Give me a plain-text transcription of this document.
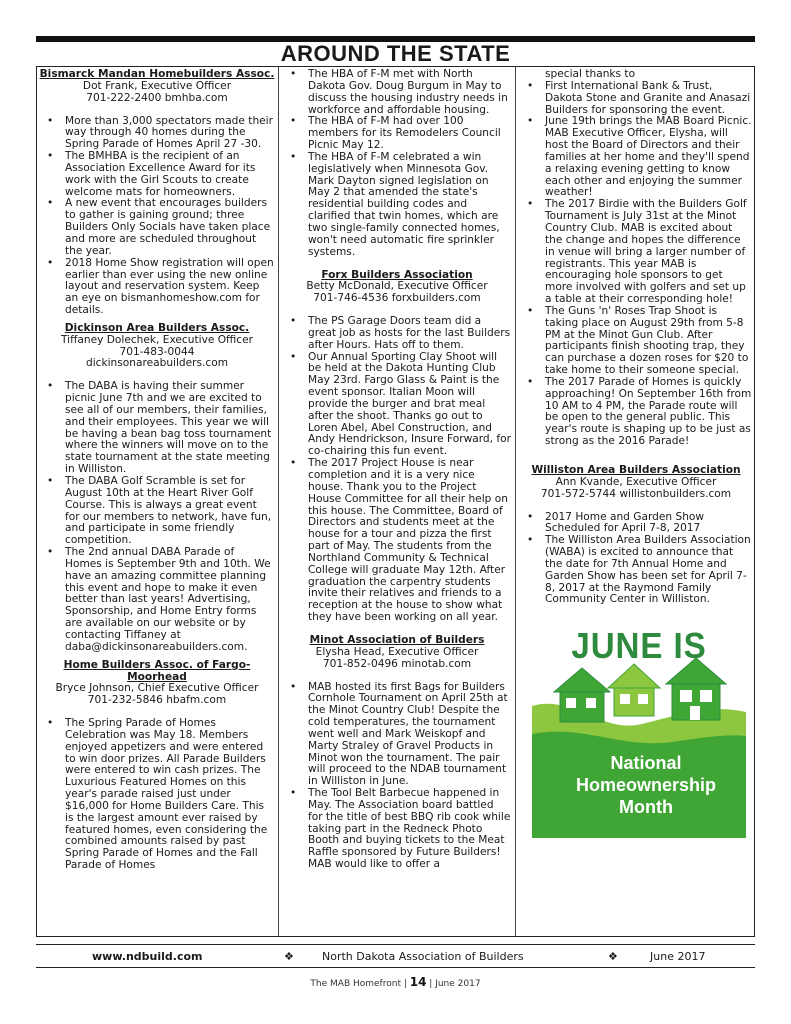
AROUND THE STATE
Bismarck Mandan Homebuilders Assoc.
Dot Frank, Executive Officer
701-222-2400 bmhba.com
• More than 3,000 spectators made their way through 40 homes during the Spring Parade of Homes April 27 -30.
• The BMHBA is the recipient of an Association Excellence Award for its work with the Girl Scouts to create welcome mats for homeowners.
• A new event that encourages builders to gather is gaining ground; three Builders Only Socials have taken place and more are scheduled throughout the year.
• 2018 Home Show registration will open earlier than ever using the new online layout and reservation system. Keep an eye on bismanhomeshow.com for details.
Dickinson Area Builders Assoc.
Tiffaney Dolechek, Executive Officer
701-483-0044
dickinsonareabuilders.com
• The DABA is having their summer picnic June 7th and we are excited to see all of our members, their families, and their employees. This year we will be having a bean bag toss tournament where the winners will move on to the state tournament at the state meeting in Williston.
• The DABA Golf Scramble is set for August 10th at the Heart River Golf Course. This is always a great event for our members to network, have fun, and participate in some friendly competition.
• The 2nd annual DABA Parade of Homes is September 9th and 10th. We have an amazing committee planning this event and hope to make it even better than last years! Advertising, Sponsorship, and Home Entry forms are available on our website or by contacting Tiffaney at daba@dickinsonareabuilders.com.
Home Builders Assoc. of Fargo-Moorhead
Bryce Johnson, Chief Executive Officer
701-232-5846 hbafm.com
• The Spring Parade of Homes Celebration was May 18. Members enjoyed appetizers and were entered to win door prizes. All Parade Builders were entered to win cash prizes. The Luxurious Featured Homes on this year's parade raised just under $16,000 for Home Builders Care. This is the largest amount ever raised by featured homes, even considering the combined amounts raised by past Spring Parade of Homes and the Fall Parade of Homes
• The HBA of F-M met with North Dakota Gov. Doug Burgum in May to discuss the housing industry needs in workforce and affordable housing.
• The HBA of F-M had over 100 members for its Remodelers Council Picnic May 12.
• The HBA of F-M celebrated a win legislatively when Minnesota Gov. Mark Dayton signed legislation on May 2 that amended the state's residential building codes and clarified that twin homes, which are two single-family connected homes, won't need automatic fire sprinkler systems.
Forx Builders Association
Betty McDonald, Executive Officer
701-746-4536 forxbuilders.com
• The PS Garage Doors team did a great job as hosts for the last Builders after Hours. Hats off to them.
• Our Annual Sporting Clay Shoot will be held at the Dakota Hunting Club May 23rd. Fargo Glass & Paint is the event sponsor. Italian Moon will provide the burger and brat meal after the shoot. Thanks go out to Loren Abel, Abel Construction, and Andy Hendrickson, Insure Forward, for co-chairing this fun event.
• The 2017 Project House is near completion and it is a very nice house. Thank you to the Project House Committee for all their help on this house. The Committee, Board of Directors and students meet at the house for a tour and pizza the first part of May. The students from the Northland Community & Technical College will graduate May 12th. After graduation the carpentry students invite their relatives and friends to a reception at the house to show what they have been working on all year.
Minot Association of Builders
Elysha Head, Executive Officer
701-852-0496 minotab.com
• MAB hosted its first Bags for Builders Cornhole Tournament on April 25th at the Minot Country Club! Despite the cold temperatures, the tournament went well and Mark Weiskopf and Marty Straley of Gravel Products in Minot won the tournament. The pair will proceed to the NDAB tournament in Williston in June.
• The Tool Belt Barbecue happened in May. The Association board battled for the title of best BBQ rib cook while taking part in the Redneck Photo Booth and buying tickets to the Meat Raffle sponsored by Future Builders! MAB would like to offer a
special thanks to
• First International Bank & Trust, Dakota Stone and Granite and Anasazi Builders for sponsoring the event.
• June 19th brings the MAB Board Picnic. MAB Executive Officer, Elysha, will host the Board of Directors and their families at her home and they'll spend a relaxing evening getting to know each other and enjoying the summer weather!
• The 2017 Birdie with the Builders Golf Tournament is July 31st at the Minot Country Club. MAB is excited about the change and hopes the difference in venue will bring a larger number of registrants. This year MAB is encouraging hole sponsors to get more involved with golfers and set up a table at their corresponding hole!
• The Guns 'n' Roses Trap Shoot is taking place on August 29th from 5-8 PM at the Minot Gun Club. After participants finish shooting trap, they can purchase a dozen roses for $20 to take home to their someone special.
• The 2017 Parade of Homes is quickly approaching! On September 16th from 10 AM to 4 PM, the Parade route will be open to the general public. This year's route is shaping up to be just as strong as the 2016 Parade!
Williston Area Builders Association
Ann Kvande, Executive Officer
701-572-5744 willistonbuilders.com
• 2017 Home and Garden Show Scheduled for April 7-8, 2017
• The Williston Area Builders Association (WABA) is excited to announce that the date for 7th Annual Home and Garden Show has been set for April 7-8, 2017 at the Raymond Family Community Center in Williston.
JUNE IS
National
Homeownership
Month
www.ndbuild.com	❖	North Dakota Association of Builders	❖	June 2017
The MAB Homefront | 14 | June 2017
